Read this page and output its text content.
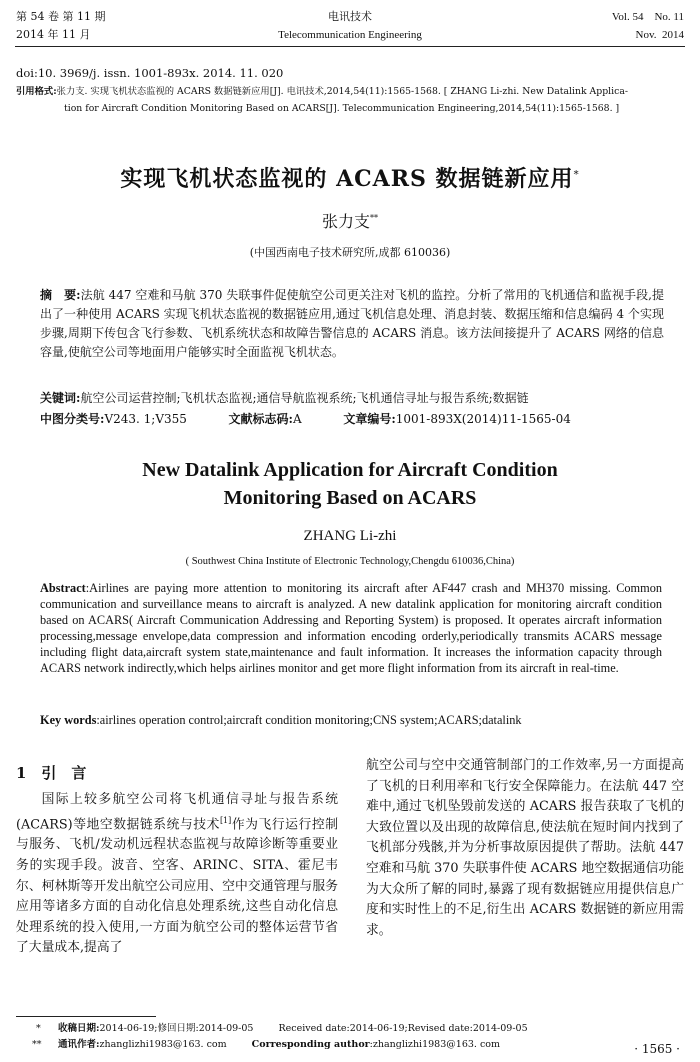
第 54 卷 第 11 期
2014 年 11 月
电讯技术
Telecommunication Engineering
Vol. 54    No. 11
Nov.  2014
doi:10. 3969/j. issn. 1001-893x. 2014. 11. 020
引用格式:张力支. 实现飞机状态监视的 ACARS 数据链新应用[J]. 电讯技术,2014,54(11):1565-1568. [ ZHANG Li-zhi. New Datalink Applica-
tion for Aircraft Condition Monitoring Based on ACARS[J]. Telecommunication Engineering,2014,54(11):1565-1568. ]
实现飞机状态监视的 ACARS 数据链新应用*
张力支**
(中国西南电子技术研究所,成都 610036)
摘　要:法航 447 空难和马航 370 失联事件促使航空公司更关注对飞机的监控。分析了常用的飞机通信和监视手段,提出了一种使用 ACARS 实现飞机状态监视的数据链应用,通过飞机信息处理、消息封装、数据压缩和信息编码 4 个实现步骤,周期下传包含飞行参数、飞机系统状态和故障告警信息的 ACARS 消息。该方法间接提升了 ACARS 网络的信息容量,使航空公司等地面用户能够实时全面监视飞机状态。
关键词:航空公司运营控制;飞机状态监视;通信导航监视系统;飞机通信寻址与报告系统;数据链
中图分类号:V243. 1;V355	文献标志码:A	文章编号:1001-893X(2014)11-1565-04
New Datalink Application for Aircraft Condition
Monitoring Based on ACARS
ZHANG Li-zhi
( Southwest China Institute of Electronic Technology,Chengdu 610036,China)
Abstract:Airlines are paying more attention to monitoring its aircraft after AF447 crash and MH370 missing. Common communication and surveillance means to aircraft is analyzed. A new datalink application for monitoring aircraft condition based on ACARS( Aircraft Communication Addressing and Reporting System) is proposed. It operates aircraft information processing,message envelope,data compression and information encoding orderly,periodically transmits ACARS message including flight data,aircraft system state,maintenance and fault information. It increases the information capacity through ACARS network indirectly,which helps airlines monitor and get more flight information from its aircraft in real-time.
Key words:airlines operation control;aircraft condition monitoring;CNS system;ACARS;datalink
1　引　言
国际上较多航空公司将飞机通信寻址与报告系统(ACARS)等地空数据链系统与技术[1]作为飞行运行控制与服务、飞机/发动机远程状态监视与故障诊断等重要业务的实现手段。波音、空客、ARINC、SITA、霍尼韦尔、柯林斯等开发出航空公司应用、空中交通管理与服务应用等诸多方面的自动化信息处理系统,这些自动化信息处理系统的投入使用,一方面为航空公司的整体运营节省了大量成本,提高了
航空公司与空中交通管制部门的工作效率,另一方面提高了飞机的日利用率和飞行安全保障能力。在法航 447 空难中,通过飞机坠毁前发送的 ACARS 报告获取了飞机的大致位置以及出现的故障信息,使法航在短时间内找到了飞机部分残骸,并为分析事故原因提供了帮助。法航 447 空难和马航 370 失联事件使 ACARS 地空数据通信功能为大众所了解的同时,暴露了现有数据链应用提供信息广度和实时性上的不足,衍生出 ACARS 数据链的新应用需求。
* 收稿日期:2014-06-19;修回日期:2014-09-05	Received date:2014-06-19;Revised date:2014-09-05
** 通讯作者:zhanglizhi1983@163. com	Corresponding author:zhanglizhi1983@163. com	· 1565 ·
